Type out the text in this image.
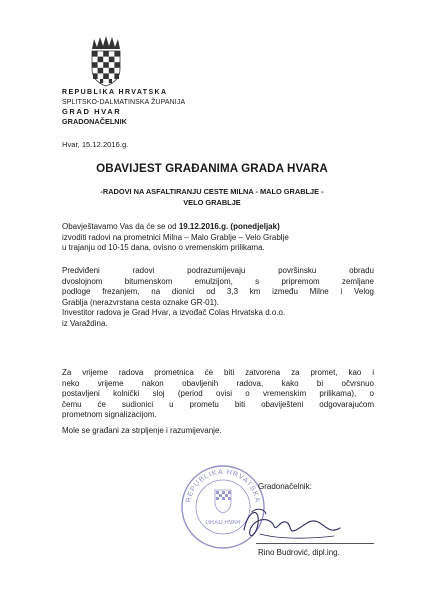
REPUBLIKA HRVATSKA
SPLITSKO-DALMATINSKA ŽUPANIJA
GRAD HVAR
GRADONAČELNIK
Hvar, 15.12.2016.g.
OBAVIJEST GRAĐANIMA GRADA HVARA
-RADOVI NA ASFALTIRANJU CESTE MILNA - MALO GRABLJE -
VELO GRABLJE
Obavještavamo Vas da će se od 19.12.2016.g. (ponedjeljak)
izvoditi radovi na prometnici Milna – Malo Grablje – Velo Grablje
u trajanju od 10-15 dana, ovisno o vremenskim prilikama.
Predviđeni radovi podrazumijevaju površinsku obradu
dvoslojnom bitumenskom emulzijom, s pripremom zemljane
podloge frezanjem, na dionici od 3,3 km između Milne i Velog
Grablja (nerazvrstana cesta oznake GR-01).
Investitor radova je Grad Hvar, a izvođač Colas Hrvatska d.o.o.
iz Varaždina.
Za vrijeme radova prometnica će biti zatvorena za promet, kao i
neko vrijeme nakon obavljenih radova, kako bi očvrsnuo
postavljeni kolnički sloj (period ovisi o vremenskim prilikama), o
čemu će sudionici u prometu biti obaviješteni odgovarajućom
prometnom signalizacijom.
Mole se građani za strpljenje i razumijevanje.
REPUBLIKA HRVATSKA
GRAD HVAR
Gradonačelnik:
Rino Budrović, dipl.ing.
